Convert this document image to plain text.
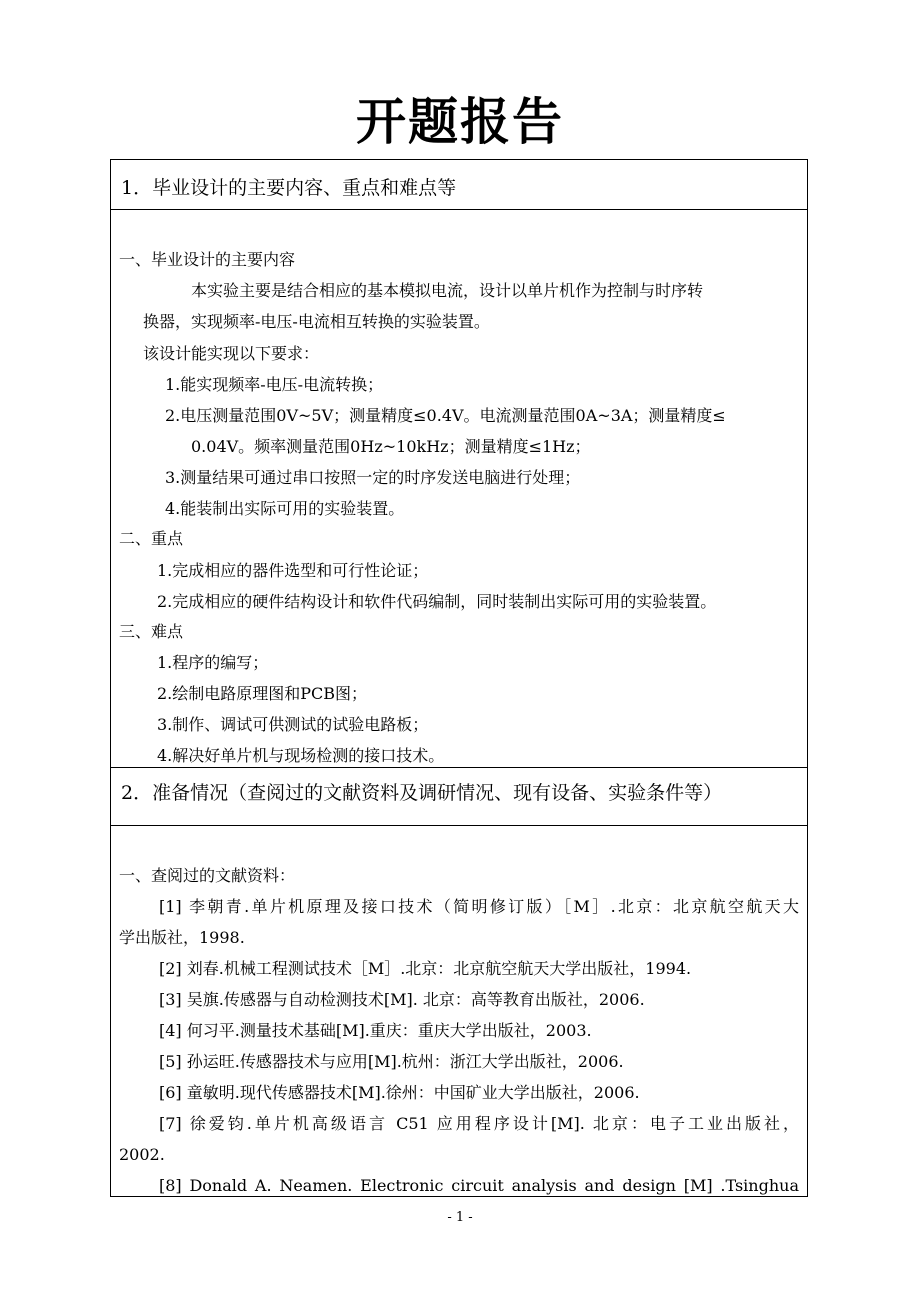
开题报告
1．毕业设计的主要内容、重点和难点等
一、毕业设计的主要内容
本实验主要是结合相应的基本模拟电流，设计以单片机作为控制与时序转
换器，实现频率-电压-电流相互转换的实验装置。
该设计能实现以下要求：
1.能实现频率-电压-电流转换；
2.电压测量范围0V~5V；测量精度≤0.4V。电流测量范围0A~3A；测量精度≤
0.04V。频率测量范围0Hz~10kHz；测量精度≤1Hz；
3.测量结果可通过串口按照一定的时序发送电脑进行处理；
4.能装制出实际可用的实验装置。
二、重点
1.完成相应的器件选型和可行性论证；
2.完成相应的硬件结构设计和软件代码编制，同时装制出实际可用的实验装置。
三、难点
1.程序的编写；
2.绘制电路原理图和PCB图；
3.制作、调试可供测试的试验电路板；
4.解决好单片机与现场检测的接口技术。
2．准备情况（查阅过的文献资料及调研情况、现有设备、实验条件等）
一、查阅过的文献资料：
[1] 李朝青.单片机原理及接口技术（简明修订版）［M］.北京：北京航空航天大
学出版社，1998.
[2] 刘春.机械工程测试技术［M］.北京：北京航空航天大学出版社，1994.
[3] 吴旗.传感器与自动检测技术[M]. 北京：高等教育出版社，2006.
[4] 何习平.测量技术基础[M].重庆：重庆大学出版社，2003.
[5] 孙运旺.传感器技术与应用[M].杭州：浙江大学出版社，2006.
[6] 童敏明.现代传感器技术[M].徐州：中国矿业大学出版社，2006.
[7] 徐爱钧.单片机高级语言 C51 应用程序设计[M]. 北京：电子工业出版社，
2002.
[8] Donald A. Neamen. Electronic circuit analysis and design [M] .Tsinghua
- 1 -
